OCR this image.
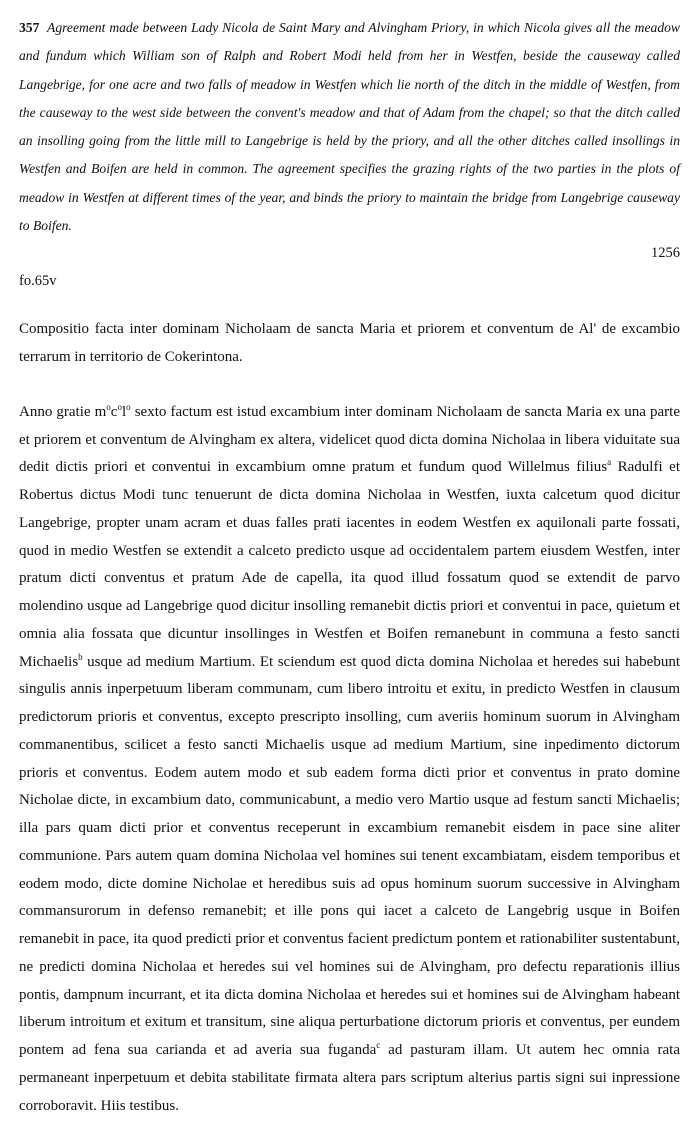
357 Agreement made between Lady Nicola de Saint Mary and Alvingham Priory, in which Nicola gives all the meadow and fundum which William son of Ralph and Robert Modi held from her in Westfen, beside the causeway called Langebrige, for one acre and two falls of meadow in Westfen which lie north of the ditch in the middle of Westfen, from the causeway to the west side between the convent's meadow and that of Adam from the chapel; so that the ditch called an insolling going from the little mill to Langebrige is held by the priory, and all the other ditches called insollings in Westfen and Boifen are held in common. The agreement specifies the grazing rights of the two parties in the plots of meadow in Westfen at different times of the year, and binds the priory to maintain the bridge from Langebrige causeway to Boifen.

1256

fo.65v

Compositio facta inter dominam Nicholaam de sancta Maria et priorem et conventum de Al' de excambio terrarum in territorio de Cokerintona.

Anno gratie $m^oc^ol^o$ sexto factum est istud excambium inter dominam Nicholaam de sancta Maria ex una parte et priorem et conventum de Alvingham ex altera, videlicet quod dicta domina Nicholaa in libera viduitate sua dedit dictis priori et conventui in excambium omne pratum et fundum quod Willelmus filius$^a$ Radulfi et Robertus dictus Modi tunc tenuerunt de dicta domina Nicholaa in Westfen, iuxta calcetum quod dicitur Langebrige, propter unam acram et duas falles prati iacentes in eodem Westfen ex aquilonali parte fossati, quod in medio Westfen se extendit a calceto predicto usque ad occidentalem partem eiusdem Westfen, inter pratum dicti conventus et pratum Ade de capella, ita quod illud fossatum quod se extendit de parvo molendino usque ad Langebrige quod dicitur insolling remanebit dictis priori et conventui in pace, quietum et omnia alia fossata que dicuntur insollinges in Westfen et Boifen remanebunt in communa a festo sancti Michaelis$^b$ usque ad medium Martium. Et sciendum est quod dicta domina Nicholaa et heredes sui habebunt singulis annis inperpetuum liberam communam, cum libero introitu et exitu, in predicto Westfen in clausum predictorum prioris et conventus, excepto prescripto insolling, cum averiis hominum suorum in Alvingham commanentibus, scilicet a festo sancti Michaelis usque ad medium Martium, sine inpedimento dictorum prioris et conventus. Eodem autem modo et sub eadem forma dicti prior et conventus in prato domine Nicholae dicte, in excambium dato, communicabunt, a medio vero Martio usque ad festum sancti Michaelis; illa pars quam dicti prior et conventus receperunt in excambium remanebit eisdem in pace sine aliter communione. Pars autem quam domina Nicholaa vel homines sui tenent excambiatam, eisdem temporibus et eodem modo, dicte domine Nicholae et heredibus suis ad opus hominum suorum successive in Alvingham commansurorum in defenso remanebit; et ille pons qui iacet a calceto de Langebrig usque in Boifen remanebit in pace, ita quod predicti prior et conventus facient predictum pontem et rationabiliter sustentabunt, ne predicti domina Nicholaa et heredes sui vel homines sui de Alvingham, pro defectu reparationis illius pontis, dampnum incurrant, et ita dicta domina Nicholaa et heredes sui et homines sui de Alvingham habeant liberum introitum et exitum et transitum, sine aliqua perturbatione dictorum prioris et conventus, per eundem pontem ad fena sua carianda et ad averia sua fuganda$^c$ ad pasturam illam. Ut autem hec omnia rata permaneant inperpetuum et debita stabilitate firmata altera pars scriptum alterius partis signi sui inpressione corroboravit. Hiis testibus.
